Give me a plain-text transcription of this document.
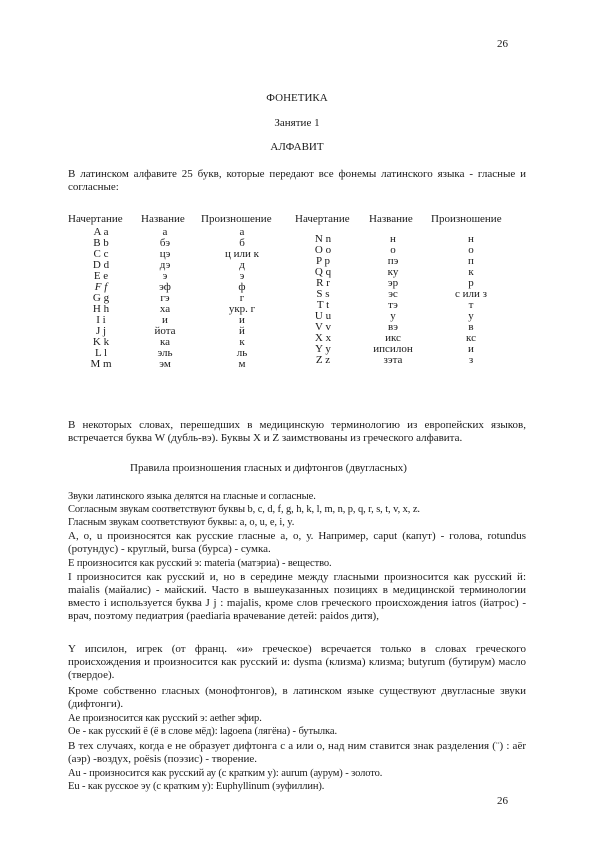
26
ФОНЕТИКА
Занятие 1
АЛФАВИТ
В латинском алфавите 25 букв, которые передают все фонемы латинского языка - гласные и согласные:
Начертание Название Произношение Начертание Название Произношение
A a
B b
C c
D d
E e
F f
G g
H h
I i
J j
K k
L l
M m
а
бэ
цэ
дэ
э
эф
гэ
ха
и
йота
ка
эль
эм
а
б
ц или к
д
э
ф
г
укр. г
и
й
к
ль
м
N n
O o
P p
Q q
R r
S s
T t
U u
V v
X x
Y y
Z z
н
о
пэ
ку
эр
эс
тэ
у
вэ
икс
ипсилон
зэта
н
о
п
к
р
с или з
т
у
в
кс
и
з
В некоторых словах, перешедших в медицинскую терминологию из европейских языков, встречается буква W (дубль-вэ). Буквы X и Z заимствованы из греческого алфавита.
Правила произношения гласных и дифтонгов (двугласных)
Звуки латинского языка делятся на гласные и согласные.
Согласным звукам соответствуют буквы b, c, d, f, g, h, k, l, m, n, p, q, r, s, t, v, x, z.
Гласным звукам соответствуют буквы: a, o, u, e, i, y.
A, o, u произносятся как русские гласные а, о, у. Например, caput (капут) - голова, rotundus (ротундус) - круглый, bursa (бурса) - сумка.
E произносится как русский э: materia (матэриа) - вещество.
I произносится как русский и, но в середине между гласными произносится как русский й: maialis (майалис) - майский. Часто в вышеуказанных позициях в медицинской терминологии вместо i используется буква J j : majalis, кроме слов греческого происхождения iatros (йатрос) - врач, поэтому педиатрия (paediaria врачевание детей: paidos дитя),
Y ипсилон, игрек (от франц. «и» греческое) всречается только в словах греческого происхождения и произносится как русский и: dysma (клизма) клизма; butyrum (бутирум) масло (твердое).
Кроме собственно гласных (монофтонгов), в латинском языке существуют двугласные звуки (дифтонги).
Ae произносится как русский э: aether эфир.
Oe - как русский ё (ё в слове мёд): lagoena (лягёна) - бутылка.
В тех случаях, когда e не образует дифтонга с a или o, над ним ставится знак разделения (¨) : aër (аэр) -воздух, poësis (поэзис) - творение.
Au - произносится как русский ау (с кратким у): aurum (аурум) - золото.
Eu - как русское эу (с кратким у): Euphyllinum (эуфиллин).
26
